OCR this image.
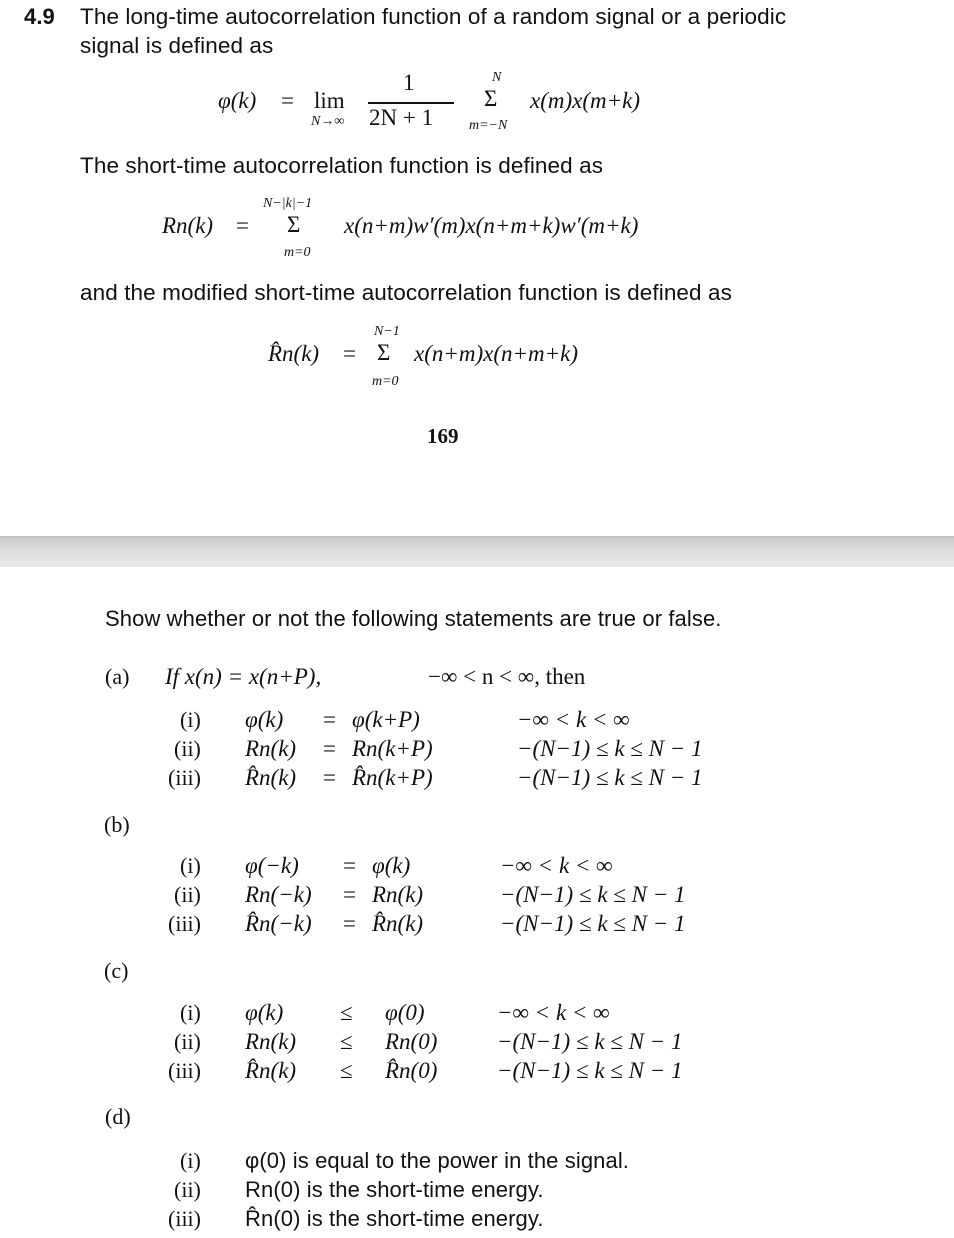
4.9 The long-time autocorrelation function of a random signal or a periodic
signal is defined as
φ(k) = lim
N→∞
1
2N + 1
N
Σ
m=−N
x(m)x(m+k)
The short-time autocorrelation function is defined as
Rn(k) =
N−|k|−1
Σ
m=0
x(n+m)w′(m)x(n+m+k)w′(m+k)
and the modified short-time autocorrelation function is defined as
R̂n(k) =
N−1
Σ
m=0
x(n+m)x(n+m+k)
169
Show whether or not the following statements are true or false.
(a) If x(n) = x(n+P),	−∞ < n < ∞, then
(i) φ(k) = φ(k+P)	−∞ < k < ∞
(ii) Rn(k) = Rn(k+P)	−(N−1) ≤ k ≤ N − 1
(iii) R̂n(k) = R̂n(k+P)	−(N−1) ≤ k ≤ N − 1
(b)
(i) φ(−k) = φ(k)	−∞ < k < ∞
(ii) Rn(−k) = Rn(k)	−(N−1) ≤ k ≤ N − 1
(iii) R̂n(−k) = R̂n(k)	−(N−1) ≤ k ≤ N − 1
(c)
(i) φ(k) ≤ φ(0)	−∞ < k < ∞
(ii) Rn(k) ≤ Rn(0)	−(N−1) ≤ k ≤ N − 1
(iii) R̂n(k) ≤ R̂n(0)	−(N−1) ≤ k ≤ N − 1
(d)
(i) φ(0) is equal to the power in the signal.
(ii) Rn(0) is the short-time energy.
(iii) R̂n(0) is the short-time energy.
